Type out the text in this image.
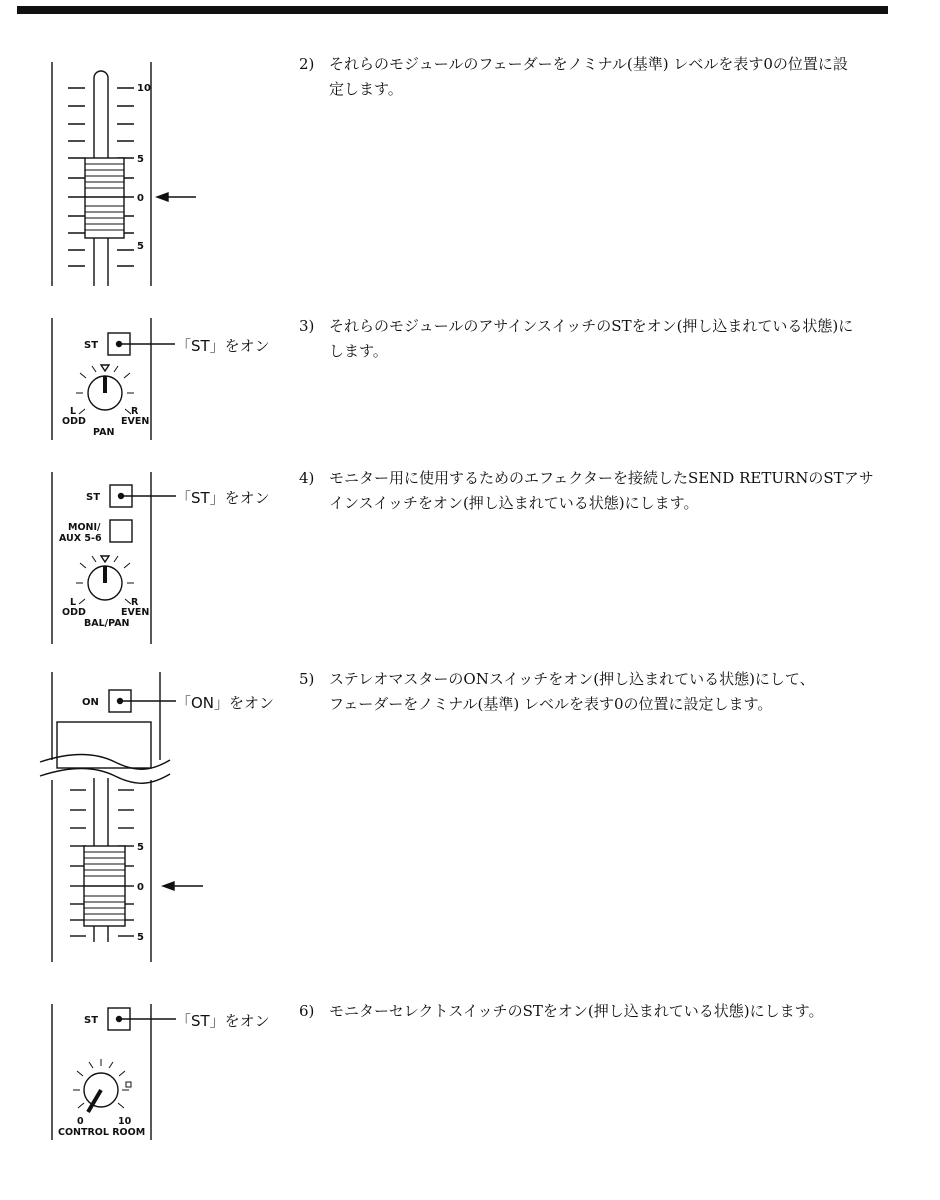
10
5
0
5
ST
L
ODD
R
EVEN
PAN
ST
MONI/
AUX 5-6
L
ODD
R
EVEN
BAL/PAN
ON
5
0
5
ST
0	10
CONTROL ROOM
「ST」をオン
「ST」をオン
「ON」をオン
「ST」をオン
2) それらのモジュールのフェーダーをノミナル(基準) レベルを表す0の位置に設
定します。
3) それらのモジュールのアサインスイッチのSTをオン(押し込まれている状態)に
します。
4) モニター用に使用するためのエフェクターを接続したSEND RETURNのSTアサ
インスイッチをオン(押し込まれている状態)にします。
5) ステレオマスターのONスイッチをオン(押し込まれている状態)にして、
フェーダーをノミナル(基準) レベルを表す0の位置に設定します。
6) モニターセレクトスイッチのSTをオン(押し込まれている状態)にします。
